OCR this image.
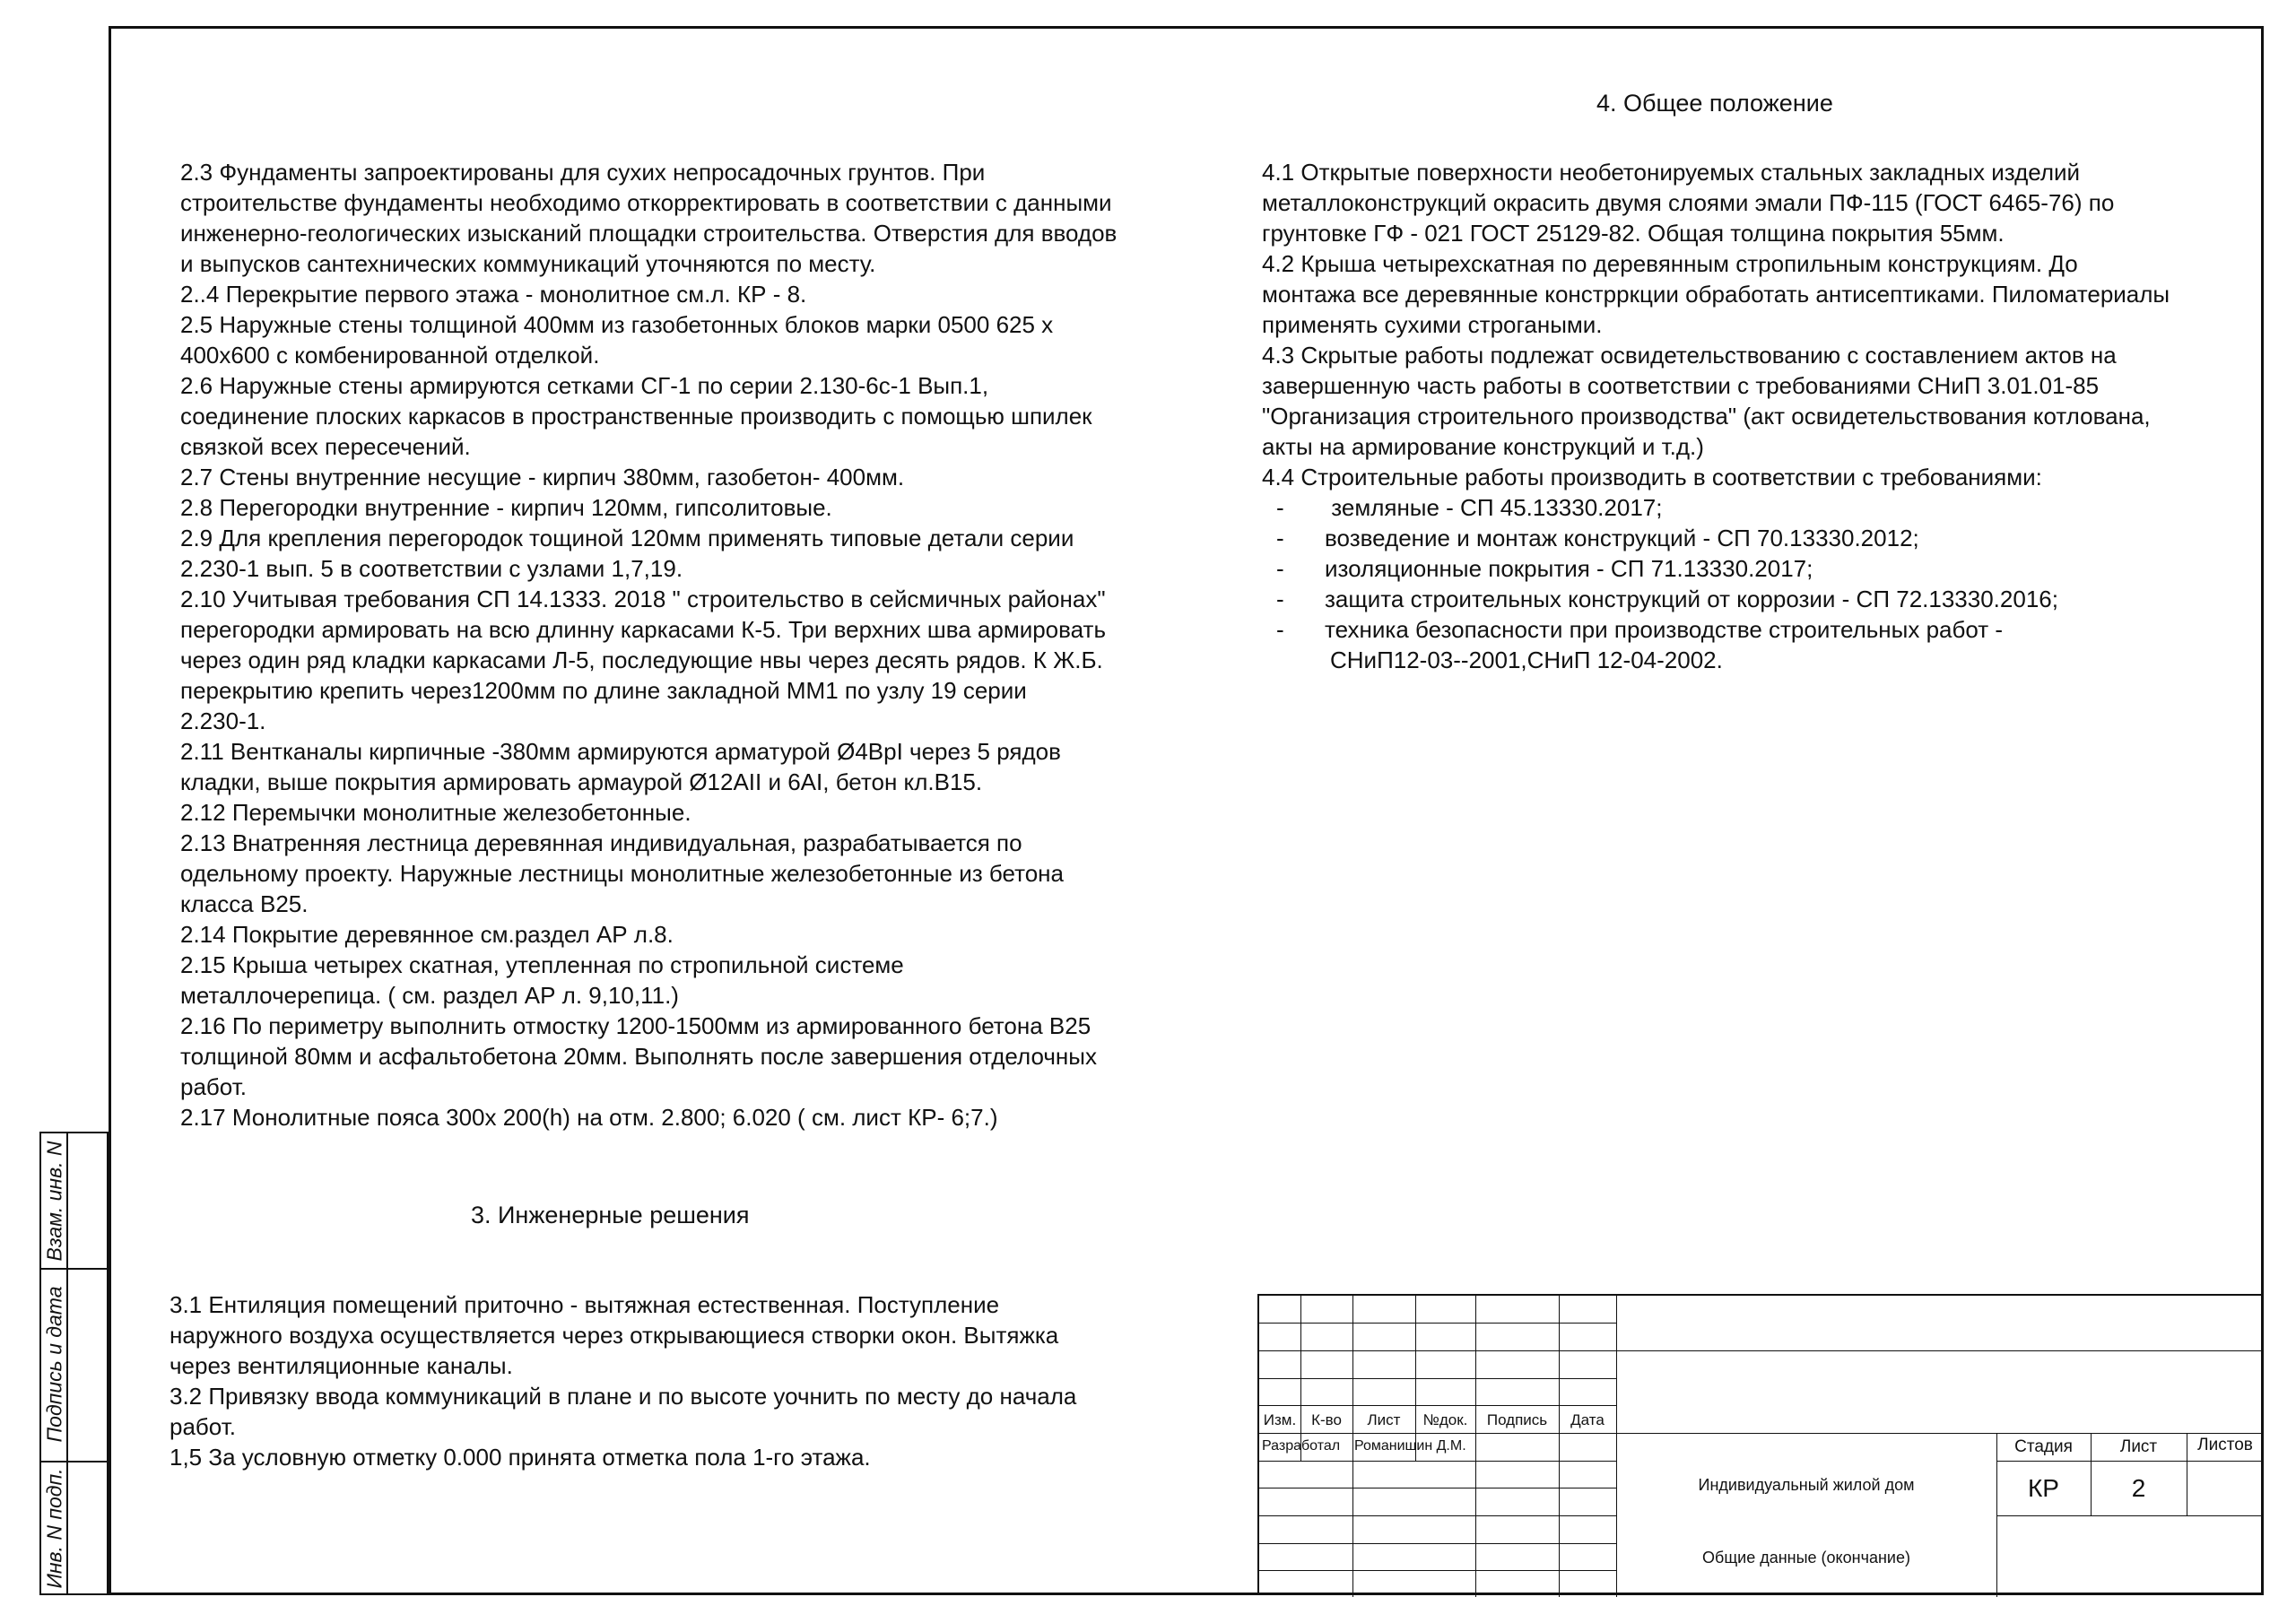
Взам. инв. N
Подпись и дата
Инв. N подп.
4. Общее положение

2.3 Фундаменты запроектированы для сухих непросадочных грунтов. При

строительстве фундаменты необходимо откорректировать в соответствии с данными

инженерно-геологических изысканий площадки строительства. Отверстия для вводов

и выпусков сантехнических коммуникаций уточняются по месту.

2..4 Перекрытие первого этажа - монолитное см.л. КР - 8.

2.5 Наружные стены толщиной 400мм из газобетонных блоков марки 0500 625 х

400х600 с комбенированной отделкой.

2.6 Наружные стены армируются сетками СГ-1 по серии 2.130-6с-1 Вып.1,

соединение плоских каркасов в пространственные производить с помощью шпилек

связкой всех пересечений.

2.7 Стены внутренние несущие - кирпич 380мм, газобетон- 400мм.

2.8 Перегородки внутренние - кирпич 120мм, гипсолитовые.

2.9 Для крепления перегородок тощиной 120мм применять типовые детали серии

2.230-1 вып. 5 в соответствии с узлами 1,7,19.

2.10 Учитывая требования СП 14.1333. 2018 " строительство в сейсмичных районах"

перегородки армировать на всю длинну каркасами К-5. Три верхних шва армировать

через один ряд кладки каркасами Л-5, последующие нвы через десять рядов. К Ж.Б.

перекрытию крепить через1200мм по длине закладной ММ1 по узлу 19 серии

2.230-1.

2.11 Вентканалы кирпичные -380мм армируются арматурой Ø4ВрI через 5 рядов

кладки, выше покрытия армировать армаурой Ø12АII и 6АI, бетон кл.В15.

2.12 Перемычки монолитные железобетонные.

2.13 Внатренняя лестница деревянная индивидуальная, разрабатывается по

одельному проекту. Наружные лестницы монолитные железобетонные из бетона

класса В25.

2.14 Покрытие деревянное см.раздел АР л.8.

2.15 Крыша четырех скатная, утепленная по стропильной системе

металлочерепица. ( см. раздел АР л. 9,10,11.)

2.16 По периметру выполнить отмостку 1200-1500мм из армированного бетона В25

толщиной 80мм и асфальтобетона 20мм. Выполнять после завершения отделочных

работ.

2.17 Монолитные пояса 300х 200(h) на отм. 2.800; 6.020 ( см. лист КР- 6;7.)

4.1 Открытые поверхности необетонируемых стальных закладных изделий

металлоконструкций окрасить двумя слоями эмали ПФ-115 (ГОСТ 6465-76) по

грунтовке ГФ - 021 ГОСТ 25129-82. Общая толщина покрытия 55мм.

4.2 Крыша четырехскатная по деревянным стропильным конструкциям. До

монтажа все деревянные констрркции обработать антисептиками. Пиломатериалы

применять сухими строгаными.

4.3 Скрытые работы подлежат освидетельствованию с составлением актов на

завершенную часть работы в соответствии с требованиями СНиП 3.01.01-85

"Организация строительного производства" (акт освидетельствования котлована,

акты на армирование конструкций и т.д.)

4.4 Строительные работы производить в соответствии с требованиями:

- земляные - СП 45.13330.2017;

- возведение и монтаж конструкций - СП 70.13330.2012;

- изоляционные покрытия - СП 71.13330.2017;

- защита строительных конструкций от коррозии - СП 72.13330.2016;

- техника безопасности при производстве строительных работ -

СНиП12-03--2001,СНиП 12-04-2002.

3. Инженерные решения

3.1 Ентиляция помещений приточно - вытяжная естественная. Поступление

наружного воздуха осуществляется через открывающиеся створки окон. Вытяжка

через вентиляционные каналы.

3.2 Привязку ввода коммуникаций в плане и по высоте уочнить по месту до начала

работ.

1,5 За условную отметку 0.000 принята отметка пола 1-го этажа.

Изм. К-во	Лист	№док.	Подпись	Дата
Разработал Романишин Д.М.
Индивидуальный жилой дом
Общие данные (окончание)
Стадия	Лист	Листов
КР	2
